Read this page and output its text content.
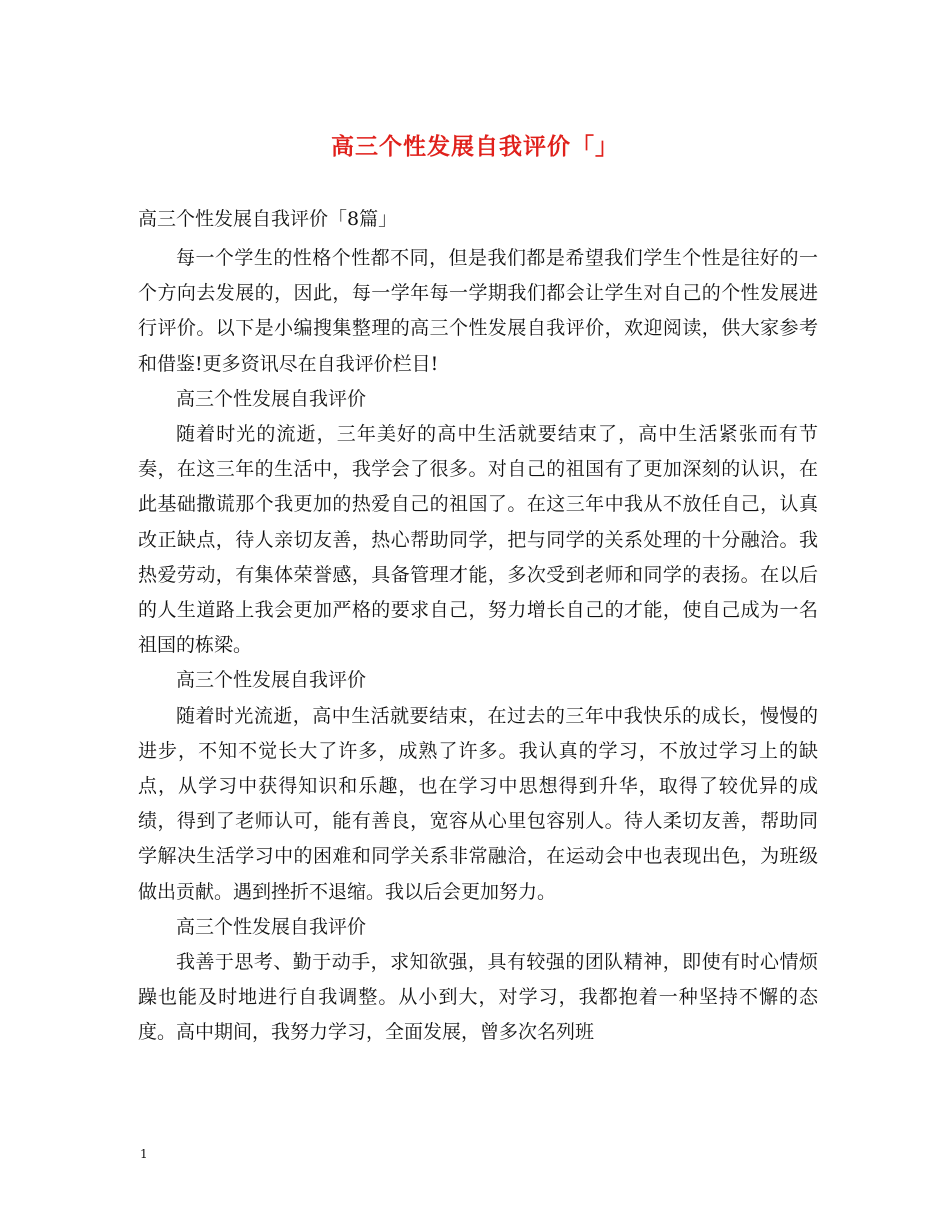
高三个性发展自我评价「」
高三个性发展自我评价「8篇」

每一个学生的性格个性都不同，但是我们都是希望我们学生个性是往好的一个方向去发展的，因此，每一学年每一学期我们都会让学生对自己的个性发展进行评价。以下是小编搜集整理的高三个性发展自我评价，欢迎阅读，供大家参考和借鉴!更多资讯尽在自我评价栏目!

高三个性发展自我评价

随着时光的流逝，三年美好的高中生活就要结束了，高中生活紧张而有节奏，在这三年的生活中，我学会了很多。对自己的祖国有了更加深刻的认识，在此基础撒谎那个我更加的热爱自己的祖国了。在这三年中我从不放任自己，认真改正缺点，待人亲切友善，热心帮助同学，把与同学的关系处理的十分融洽。我热爱劳动，有集体荣誉感，具备管理才能，多次受到老师和同学的表扬。在以后的人生道路上我会更加严格的要求自己，努力增长自己的才能，使自己成为一名祖国的栋梁。

高三个性发展自我评价

随着时光流逝，高中生活就要结束，在过去的三年中我快乐的成长，慢慢的进步，不知不觉长大了许多，成熟了许多。我认真的学习，不放过学习上的缺点，从学习中获得知识和乐趣，也在学习中思想得到升华，取得了较优异的成绩，得到了老师认可，能有善良，宽容从心里包容别人。待人柔切友善，帮助同学解决生活学习中的困难和同学关系非常融洽，在运动会中也表现出色，为班级做出贡献。遇到挫折不退缩。我以后会更加努力。

高三个性发展自我评价

我善于思考、勤于动手，求知欲强，具有较强的团队精神，即使有时心情烦躁也能及时地进行自我调整。从小到大，对学习，我都抱着一种坚持不懈的态度。高中期间，我努力学习，全面发展，曾多次名列班

1
